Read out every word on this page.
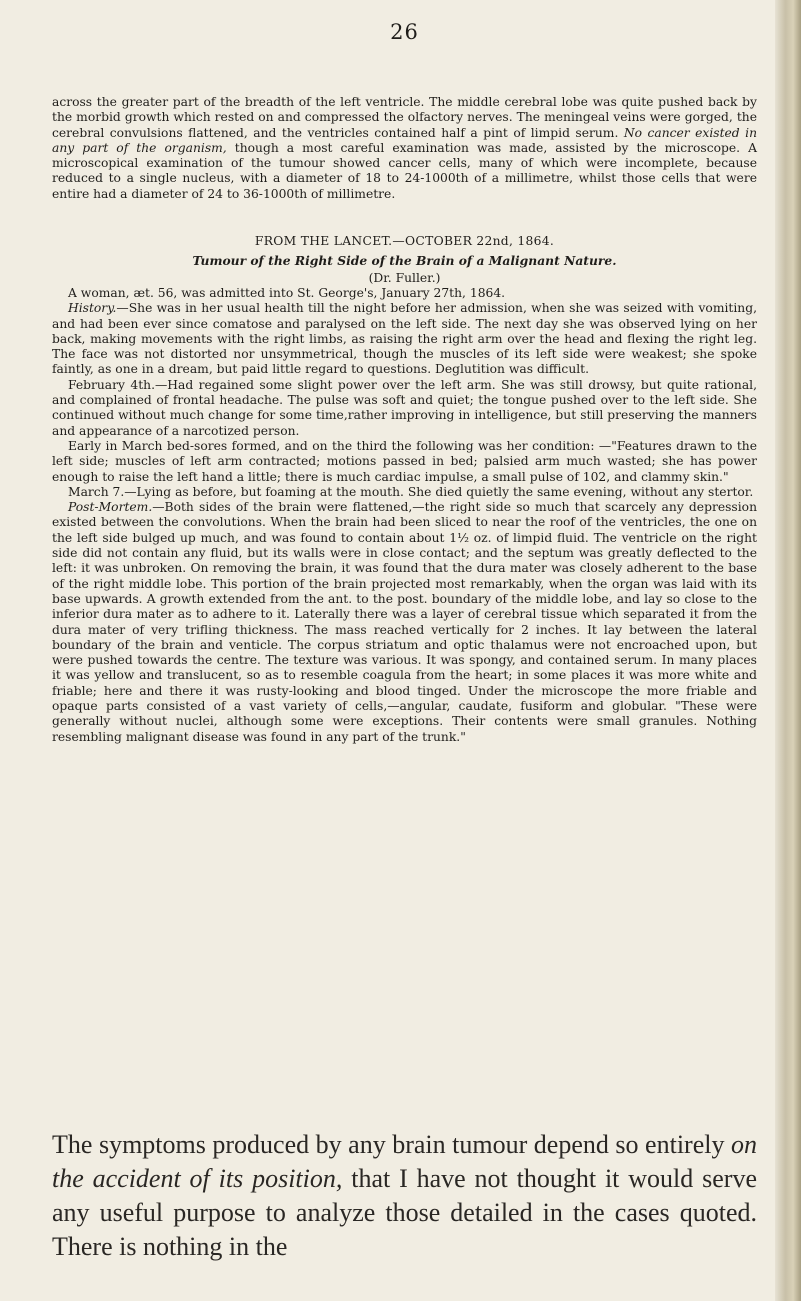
26

across the greater part of the breadth of the left ventricle. The middle cerebral lobe was quite pushed back by the morbid growth which rested on and compressed the olfactory nerves. The meningeal veins were gorged, the cerebral convulsions flattened, and the ventricles contained half a pint of limpid serum. No cancer existed in any part of the organism, though a most careful examination was made, assisted by the microscope. A microscopical examination of the tumour showed cancer cells, many of which were incomplete, because reduced to a single nucleus, with a diameter of 18 to 24-1000th of a millimetre, whilst those cells that were entire had a diameter of 24 to 36-1000th of millimetre.

FROM THE LANCET.—OCTOBER 22nd, 1864.

Tumour of the Right Side of the Brain of a Malignant Nature.

(Dr. Fuller.)

A woman, æt. 56, was admitted into St. George's, January 27th, 1864.

History.—She was in her usual health till the night before her admission, when she was seized with vomiting, and had been ever since comatose and paralysed on the left side. The next day she was observed lying on her back, making movements with the right limbs, as raising the right arm over the head and flexing the right leg. The face was not distorted nor unsymmetrical, though the muscles of its left side were weakest; she spoke faintly, as one in a dream, but paid little regard to questions. Deglutition was difficult.

February 4th.—Had regained some slight power over the left arm. She was still drowsy, but quite rational, and complained of frontal headache. The pulse was soft and quiet; the tongue pushed over to the left side. She continued without much change for some time,rather improving in intelligence, but still preserving the manners and appearance of a narcotized person.

Early in March bed-sores formed, and on the third the following was her condition: —"Features drawn to the left side; muscles of left arm contracted; motions passed in bed; palsied arm much wasted; she has power enough to raise the left hand a little; there is much cardiac impulse, a small pulse of 102, and clammy skin."

March 7.—Lying as before, but foaming at the mouth. She died quietly the same evening, without any stertor.

Post-Mortem.—Both sides of the brain were flattened,—the right side so much that scarcely any depression existed between the convolutions. When the brain had been sliced to near the roof of the ventricles, the one on the left side bulged up much, and was found to contain about 1½ oz. of limpid fluid. The ventricle on the right side did not contain any fluid, but its walls were in close contact; and the septum was greatly deflected to the left: it was unbroken. On removing the brain, it was found that the dura mater was closely adherent to the base of the right middle lobe. This portion of the brain projected most remarkably, when the organ was laid with its base upwards. A growth extended from the ant. to the post. boundary of the middle lobe, and lay so close to the inferior dura mater as to adhere to it. Laterally there was a layer of cerebral tissue which separated it from the dura mater of very trifling thickness. The mass reached vertically for 2 inches. It lay between the lateral boundary of the brain and venticle. The corpus striatum and optic thalamus were not encroached upon, but were pushed towards the centre. The texture was various. It was spongy, and contained serum. In many places it was yellow and translucent, so as to resemble coagula from the heart; in some places it was more white and friable; here and there it was rusty-looking and blood tinged. Under the microscope the more friable and opaque parts consisted of a vast variety of cells,—angular, caudate, fusiform and globular. "These were generally without nuclei, although some were exceptions. Their contents were small granules. Nothing resembling malignant disease was found in any part of the trunk."

The symptoms produced by any brain tumour depend so entirely on the accident of its position, that I have not thought it would serve any useful purpose to analyze those detailed in the cases quoted. There is nothing in the
